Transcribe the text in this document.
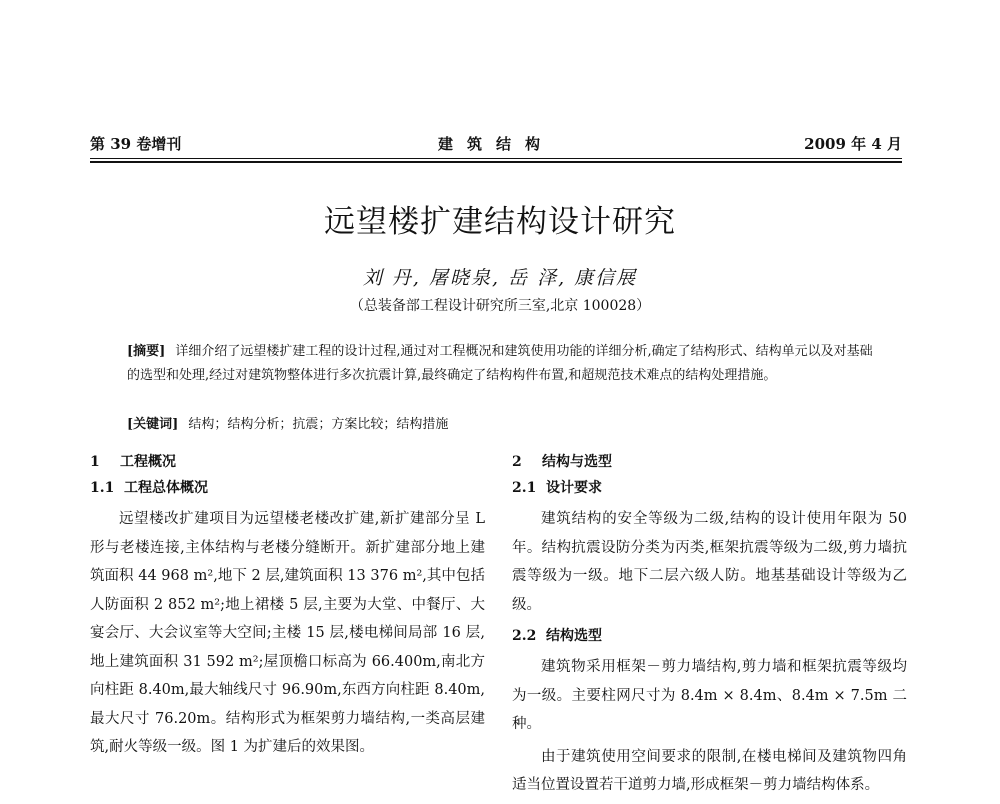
第 39 卷增刊	建筑结构	2009 年 4 月
远望楼扩建结构设计研究
刘 丹, 屠晓泉, 岳 泽, 康信展
（总装备部工程设计研究所三室,北京 100028）
[摘要] 详细介绍了远望楼扩建工程的设计过程,通过对工程概况和建筑使用功能的详细分析,确定了结构形式、结构单元以及对基础的选型和处理,经过对建筑物整体进行多次抗震计算,最终确定了结构构件布置,和超规范技术难点的结构处理措施。
[关键词] 结构；结构分析；抗震；方案比较；结构措施
1 工程概况
1.1 工程总体概况
远望楼改扩建项目为远望楼老楼改扩建,新扩建部分呈 L 形与老楼连接,主体结构与老楼分缝断开。新扩建部分地上建筑面积 44 968 m²,地下 2 层,建筑面积 13 376 m²,其中包括人防面积 2 852 m²;地上裙楼 5 层,主要为大堂、中餐厅、大宴会厅、大会议室等大空间;主楼 15 层,楼电梯间局部 16 层,地上建筑面积 31 592 m²;屋顶檐口标高为 66.400m,南北方向柱距 8.40m,最大轴线尺寸 96.90m,东西方向柱距 8.40m,最大尺寸 76.20m。结构形式为框架剪力墙结构,一类高层建筑,耐火等级一级。图 1 为扩建后的效果图。
2 结构与选型
2.1 设计要求
建筑结构的安全等级为二级,结构的设计使用年限为 50 年。结构抗震设防分类为丙类,框架抗震等级为二级,剪力墙抗震等级为一级。地下二层六级人防。地基基础设计等级为乙级。
2.2 结构选型
建筑物采用框架－剪力墙结构,剪力墙和框架抗震等级均为一级。主要柱网尺寸为 8.4m × 8.4m、8.4m × 7.5m 二种。
由于建筑使用空间要求的限制,在楼电梯间及建筑物四角适当位置设置若干道剪力墙,形成框架－剪力墙结构体系。
